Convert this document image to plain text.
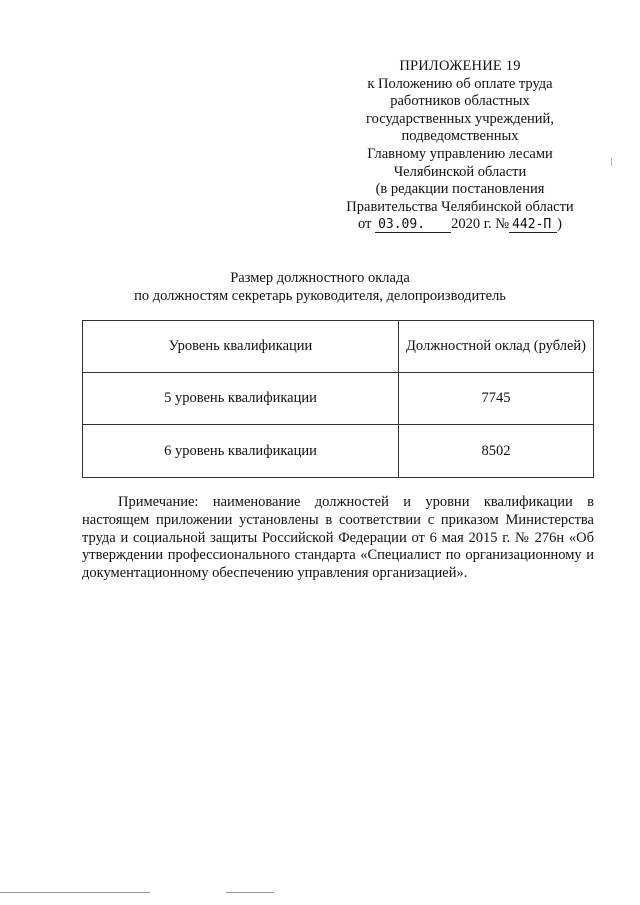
ПРИЛОЖЕНИЕ 19
к Положению об оплате труда
работников областных
государственных учреждений,
подведомственных
Главному управлению лесами
Челябинской области
(в редакции постановления
Правительства Челябинской области
от 03.09. 2020 г. № 442-П )
Размер должностного оклада
по должностям секретарь руководителя, делопроизводитель
Уровень квалификации	Должностной оклад (рублей)
5 уровень квалификации	7745
6 уровень квалификации	8502
Примечание: наименование должностей и уровни квалификации в настоящем приложении установлены в соответствии с приказом Министерства труда и социальной защиты Российской Федерации от 6 мая 2015 г. № 276н «Об утверждении профессионального стандарта «Специалист по организационному и документационному обеспечению управления организацией».
